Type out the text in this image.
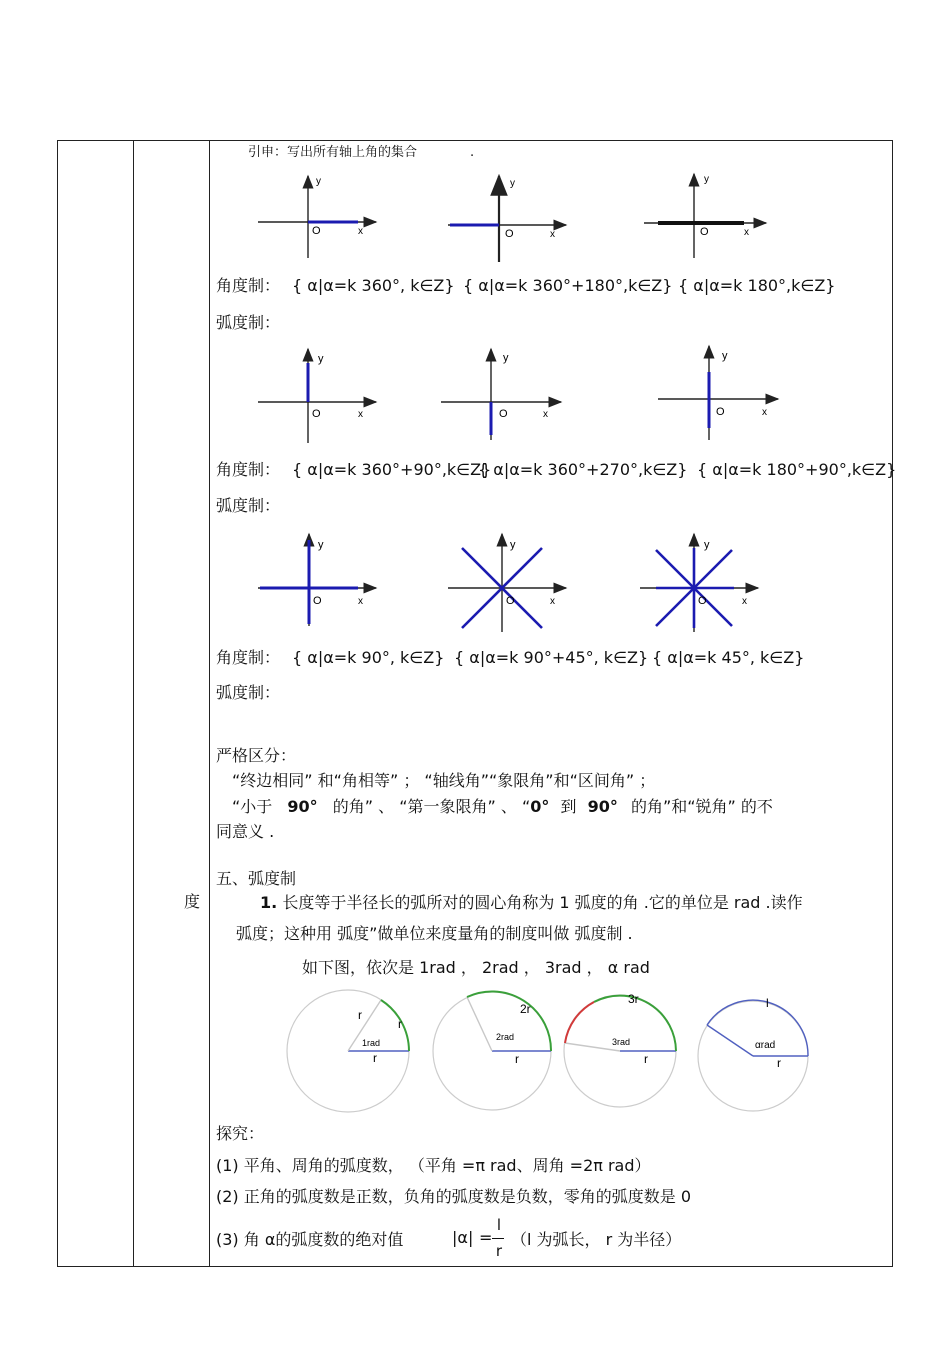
度
引申：写出所有轴上角的集合	.
y
O	x
y
O	x
y
O	x
角度制： { α|α=k 360°, k∈Z} { α|α=k 360°+180°,k∈Z} { α|α=k 180°,k∈Z}
弧度制：
y
O	x
y
O	x
y
O	x
角度制： { α|α=k 360°+90°,k∈Z}
{ α|α=k 360°+270°,k∈Z} { α|α=k 180°+90°,k∈Z}
弧度制：
y
O	x
y
O	x
y
O	x
角度制： { α|α=k 90°, k∈Z} { α|α=k 90°+45°, k∈Z} { α|α=k 45°, k∈Z}
弧度制：
严格区分：
“终边相同” 和“角相等” ； “轴线角”“象限角”和“区间角” ；
“小于 90° 的角” 、 “第一象限角” 、 “0° 到 90° 的角”和“锐角” 的不
同意义 .
五、弧度制
1. 长度等于半径长的弧所对的圆心角称为 1 弧度的角 .它的单位是 rad .读作
弧度；这种用 弧度”做单位来度量角的制度叫做 弧度制 .
如下图，依次是 1rad ， 2rad ， 3rad ， α rad
r
r
r
1rad
2r
r
2rad
3r
r
3rad
l
r
αrad
探究：
(1) 平角、周角的弧度数， （平角 =π rad、周角 =2π rad）
(2) 正角的弧度数是正数，负角的弧度数是负数，零角的弧度数是 0
(3) 角 α的弧度数的绝对值	|α| =
l
r
（l 为弧长， r 为半径）
